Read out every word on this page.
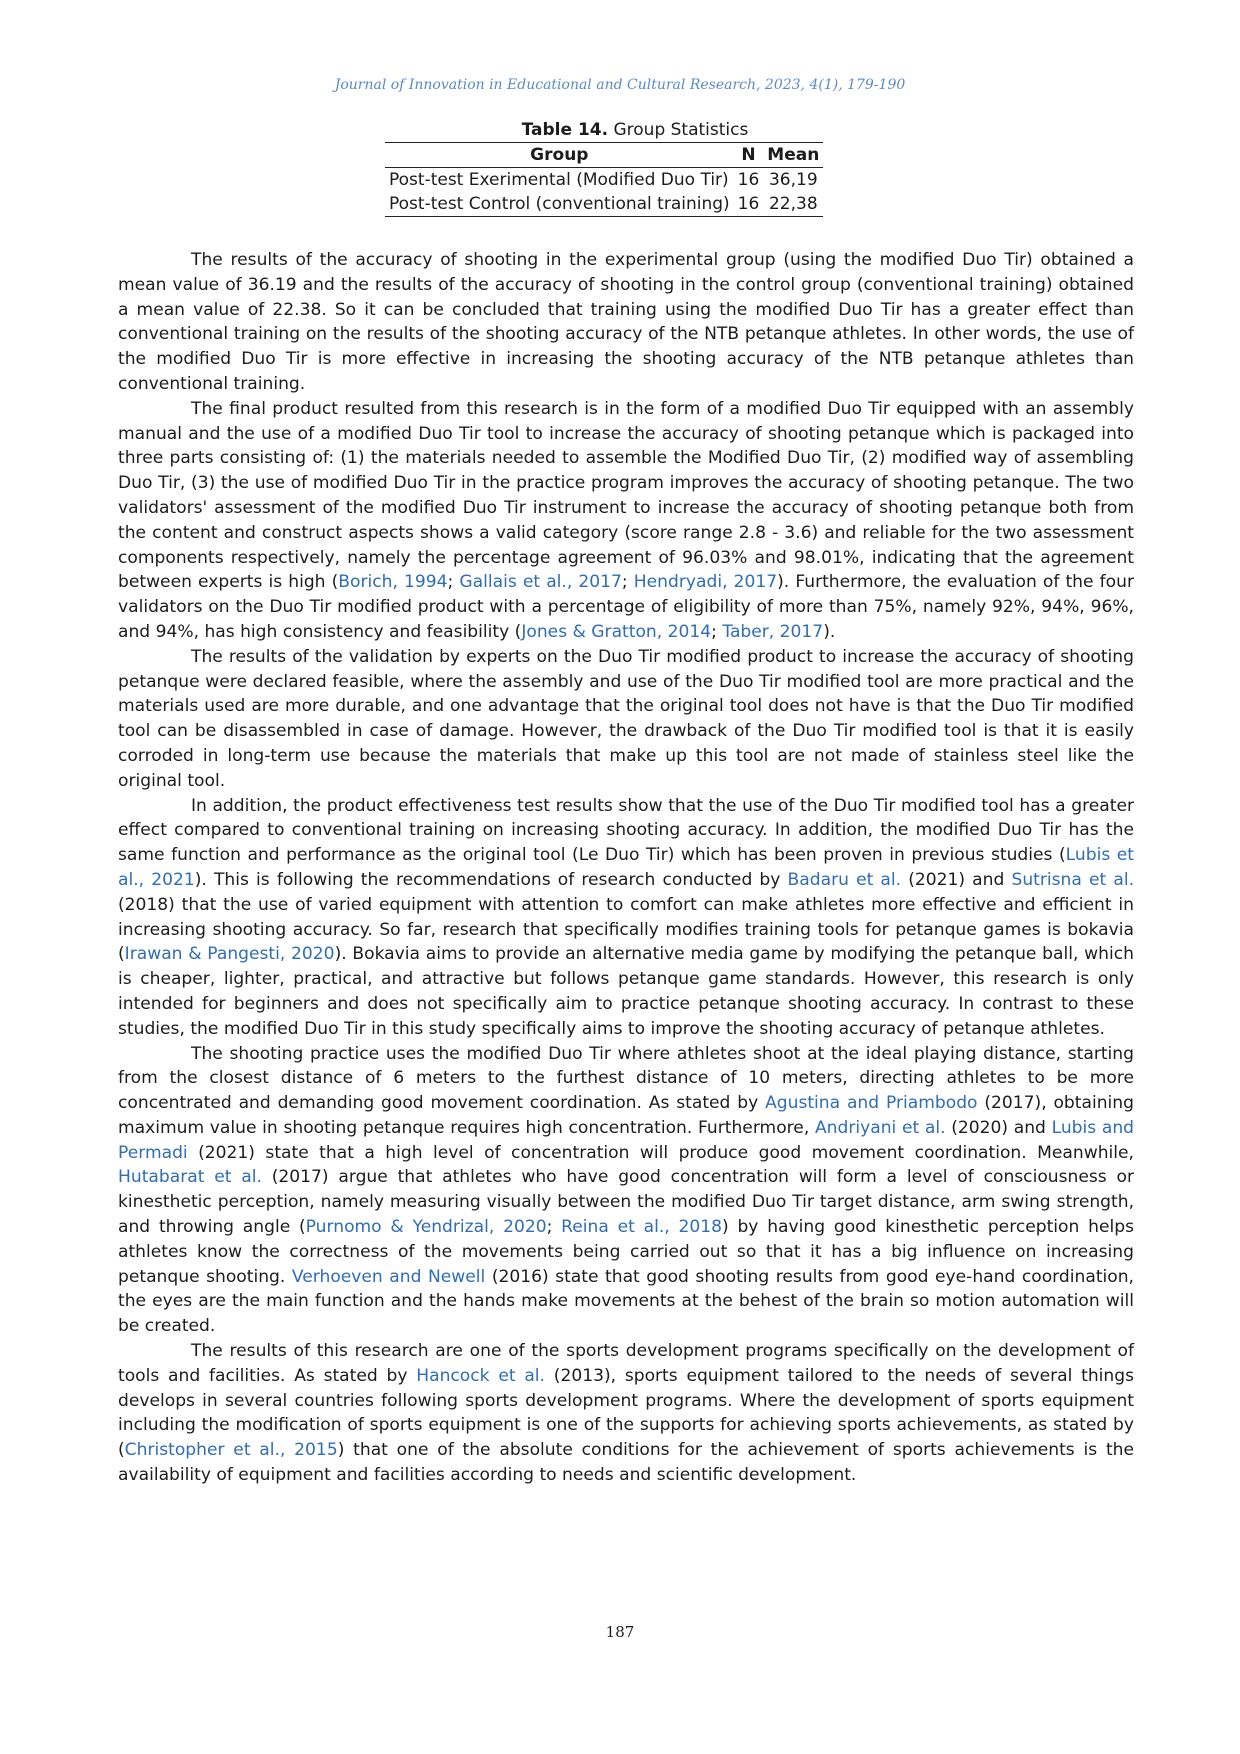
Journal of Innovation in Educational and Cultural Research, 2023, 4(1), 179-190
Table 14. Group Statistics
Group	N	Mean
Post-test Exerimental (Modified Duo Tir)	16	36,19
Post-test Control (conventional training)	16	22,38

The results of the accuracy of shooting in the experimental group (using the modified Duo Tir) obtained a mean value of 36.19 and the results of the accuracy of shooting in the control group (conventional training) obtained a mean value of 22.38. So it can be concluded that training using the modified Duo Tir has a greater effect than conventional training on the results of the shooting accuracy of the NTB petanque athletes. In other words, the use of the modified Duo Tir is more effective in increasing the shooting accuracy of the NTB petanque athletes than conventional training.

The final product resulted from this research is in the form of a modified Duo Tir equipped with an assembly manual and the use of a modified Duo Tir tool to increase the accuracy of shooting petanque which is packaged into three parts consisting of: (1) the materials needed to assemble the Modified Duo Tir, (2) modified way of assembling Duo Tir, (3) the use of modified Duo Tir in the practice program improves the accuracy of shooting petanque. The two validators' assessment of the modified Duo Tir instrument to increase the accuracy of shooting petanque both from the content and construct aspects shows a valid category (score range 2.8 - 3.6) and reliable for the two assessment components respectively, namely the percentage agreement of 96.03% and 98.01%, indicating that the agreement between experts is high (Borich, 1994; Gallais et al., 2017; Hendryadi, 2017). Furthermore, the evaluation of the four validators on the Duo Tir modified product with a percentage of eligibility of more than 75%, namely 92%, 94%, 96%, and 94%, has high consistency and feasibility (Jones & Gratton, 2014; Taber, 2017).

The results of the validation by experts on the Duo Tir modified product to increase the accuracy of shooting petanque were declared feasible, where the assembly and use of the Duo Tir modified tool are more practical and the materials used are more durable, and one advantage that the original tool does not have is that the Duo Tir modified tool can be disassembled in case of damage. However, the drawback of the Duo Tir modified tool is that it is easily corroded in long-term use because the materials that make up this tool are not made of stainless steel like the original tool.

In addition, the product effectiveness test results show that the use of the Duo Tir modified tool has a greater effect compared to conventional training on increasing shooting accuracy. In addition, the modified Duo Tir has the same function and performance as the original tool (Le Duo Tir) which has been proven in previous studies (Lubis et al., 2021). This is following the recommendations of research conducted by Badaru et al. (2021) and Sutrisna et al. (2018) that the use of varied equipment with attention to comfort can make athletes more effective and efficient in increasing shooting accuracy. So far, research that specifically modifies training tools for petanque games is bokavia (Irawan & Pangesti, 2020). Bokavia aims to provide an alternative media game by modifying the petanque ball, which is cheaper, lighter, practical, and attractive but follows petanque game standards. However, this research is only intended for beginners and does not specifically aim to practice petanque shooting accuracy. In contrast to these studies, the modified Duo Tir in this study specifically aims to improve the shooting accuracy of petanque athletes.

The shooting practice uses the modified Duo Tir where athletes shoot at the ideal playing distance, starting from the closest distance of 6 meters to the furthest distance of 10 meters, directing athletes to be more concentrated and demanding good movement coordination. As stated by Agustina and Priambodo (2017), obtaining maximum value in shooting petanque requires high concentration. Furthermore, Andriyani et al. (2020) and Lubis and Permadi (2021) state that a high level of concentration will produce good movement coordination. Meanwhile, Hutabarat et al. (2017) argue that athletes who have good concentration will form a level of consciousness or kinesthetic perception, namely measuring visually between the modified Duo Tir target distance, arm swing strength, and throwing angle (Purnomo & Yendrizal, 2020; Reina et al., 2018) by having good kinesthetic perception helps athletes know the correctness of the movements being carried out so that it has a big influence on increasing petanque shooting. Verhoeven and Newell (2016) state that good shooting results from good eye-hand coordination, the eyes are the main function and the hands make movements at the behest of the brain so motion automation will be created.

The results of this research are one of the sports development programs specifically on the development of tools and facilities. As stated by Hancock et al. (2013), sports equipment tailored to the needs of several things develops in several countries following sports development programs. Where the development of sports equipment including the modification of sports equipment is one of the supports for achieving sports achievements, as stated by (Christopher et al., 2015) that one of the absolute conditions for the achievement of sports achievements is the availability of equipment and facilities according to needs and scientific development.

187
